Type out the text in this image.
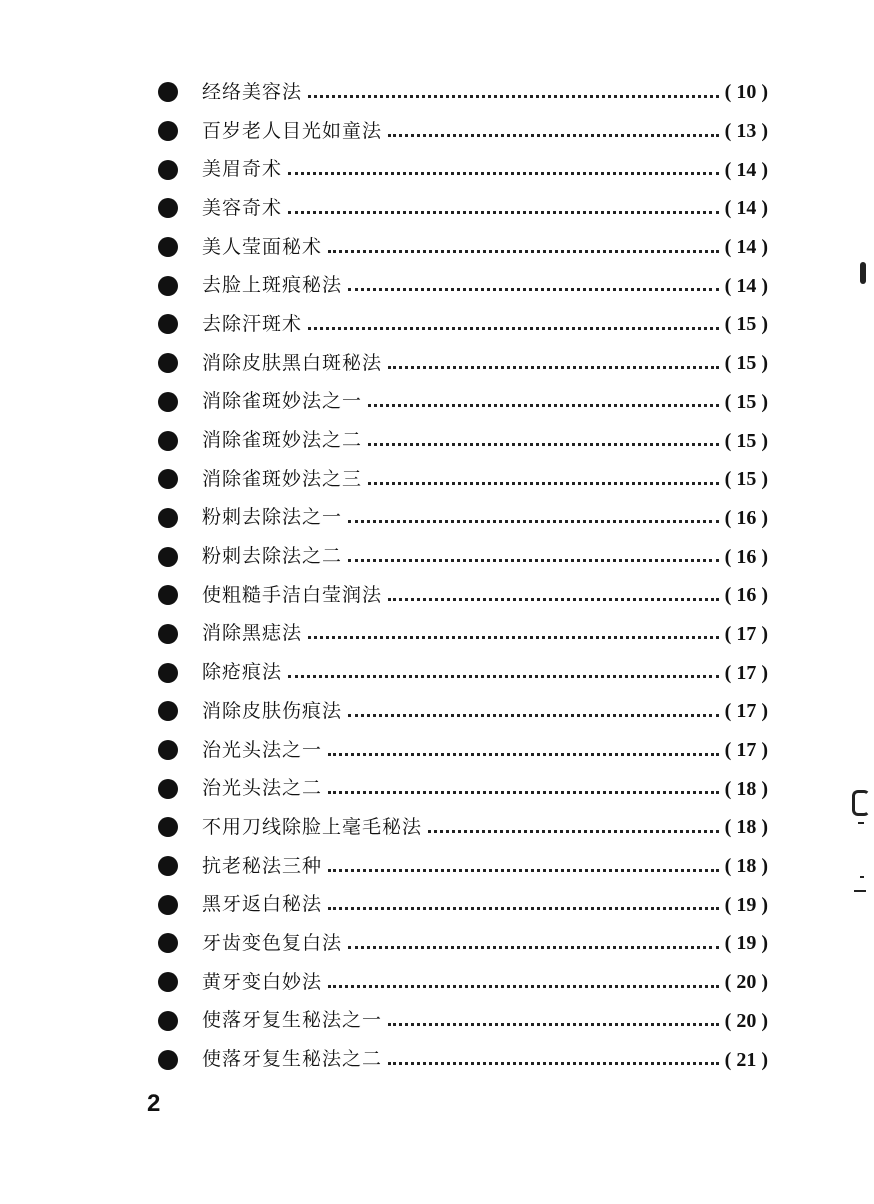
经络美容法	( 10 )
百岁老人目光如童法	( 13 )
美眉奇术	( 14 )
美容奇术	( 14 )
美人莹面秘术	( 14 )
去脸上斑痕秘法	( 14 )
去除汗斑术	( 15 )
消除皮肤黑白斑秘法	( 15 )
消除雀斑妙法之一	( 15 )
消除雀斑妙法之二	( 15 )
消除雀斑妙法之三	( 15 )
粉刺去除法之一	( 16 )
粉刺去除法之二	( 16 )
使粗糙手洁白莹润法	( 16 )
消除黑痣法	( 17 )
除疮痕法	( 17 )
消除皮肤伤痕法	( 17 )
治光头法之一	( 17 )
治光头法之二	( 18 )
不用刀线除脸上毫毛秘法	( 18 )
抗老秘法三种	( 18 )
黑牙返白秘法	( 19 )
牙齿变色复白法	( 19 )
黄牙变白妙法	( 20 )
使落牙复生秘法之一	( 20 )
使落牙复生秘法之二	( 21 )
2
